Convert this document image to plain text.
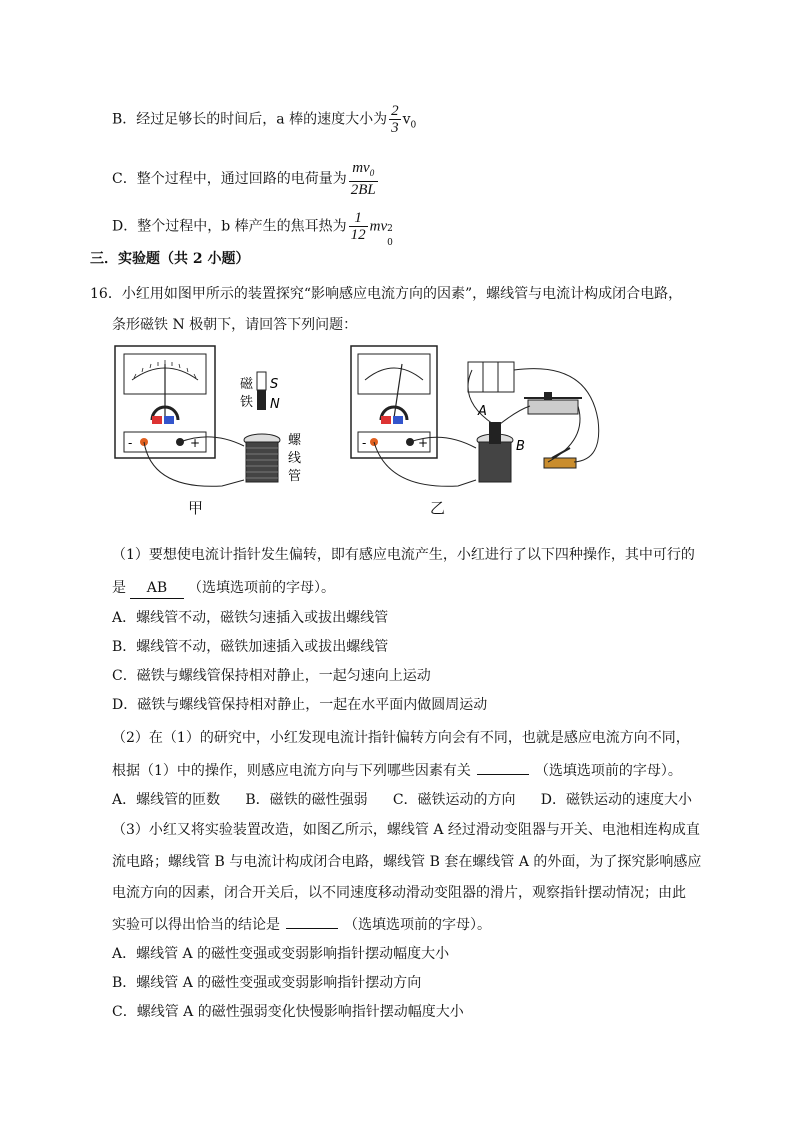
B．经过足够长的时间后，a 棒的速度大小为 $\frac{2}{3} v_0$
C．整个过程中，通过回路的电荷量为 $\frac{mv_0}{2BL}$
D．整个过程中，b 棒产生的焦耳热为 $\frac{1}{12}$ mv 2
0
三．实验题（共 2 小题）
16．小红用如图甲所示的装置探究“影响感应电流方向的因素”，螺线管与电流计构成闭合电路，
条形磁铁 N 极朝下，请回答下列问题：
-	+
磁
铁
S
N
螺
线
管
甲
-	+
A
B
乙
（1）要想使电流计指针发生偏转，即有感应电流产生，小红进行了以下四种操作，其中可行的
是 AB （选填选项前的字母）。
A．螺线管不动，磁铁匀速插入或拔出螺线管
B．螺线管不动，磁铁加速插入或拔出螺线管
C．磁铁与螺线管保持相对静止，一起匀速向上运动
D．磁铁与螺线管保持相对静止，一起在水平面内做圆周运动
（2）在（1）的研究中，小红发现电流计指针偏转方向会有不同，也就是感应电流方向不同，
根据（1）中的操作，则感应电流方向与下列哪些因素有关	（选填选项前的字母）。
A．螺线管的匝数 B．磁铁的磁性强弱 C．磁铁运动的方向 D．磁铁运动的速度大小
（3）小红又将实验装置改造，如图乙所示，螺线管 A 经过滑动变阻器与开关、电池相连构成直
流电路；螺线管 B 与电流计构成闭合电路，螺线管 B 套在螺线管 A 的外面，为了探究影响感应
电流方向的因素，闭合开关后，以不同速度移动滑动变阻器的滑片，观察指针摆动情况；由此
实验可以得出恰当的结论是	（选填选项前的字母）。
A．螺线管 A 的磁性变强或变弱影响指针摆动幅度大小
B．螺线管 A 的磁性变强或变弱影响指针摆动方向
C．螺线管 A 的磁性强弱变化快慢影响指针摆动幅度大小
